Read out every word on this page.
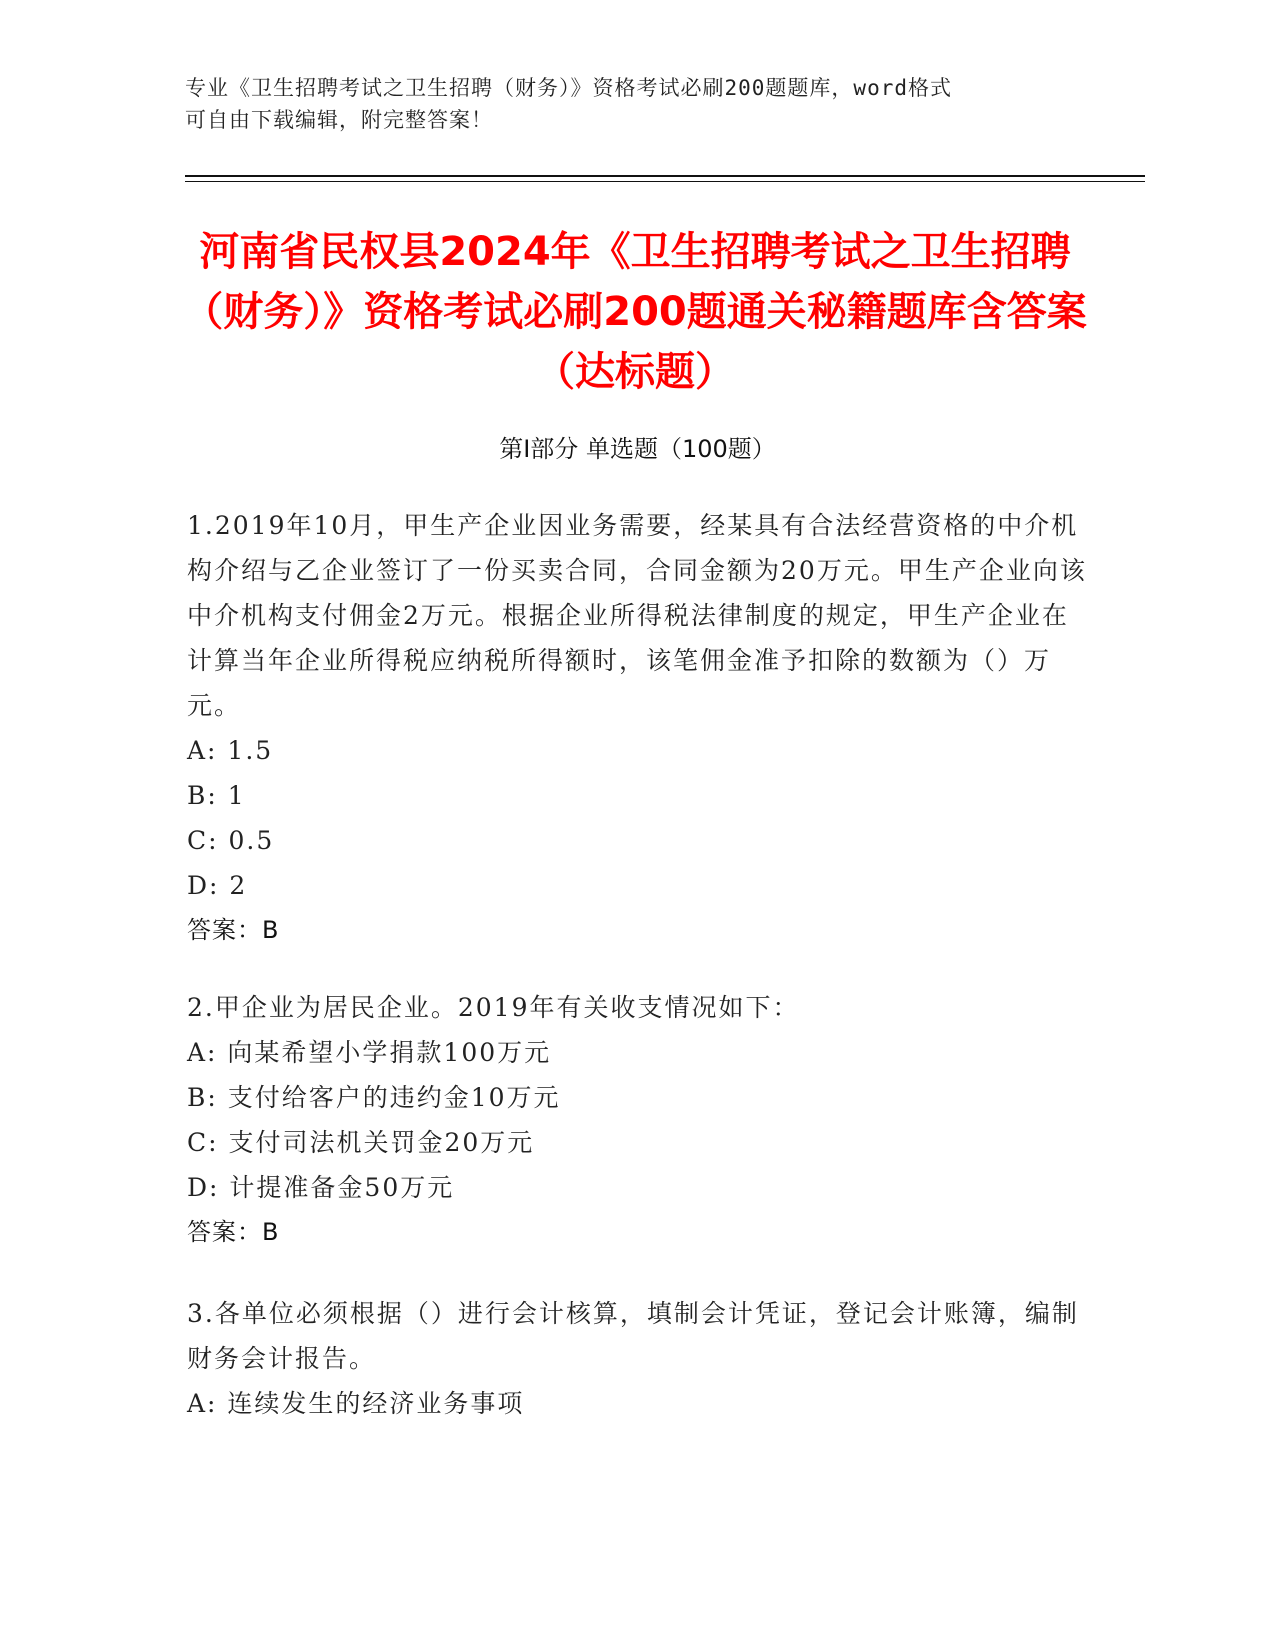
专业《卫生招聘考试之卫生招聘（财务）》资格考试必刷200题题库，word格式
可自由下载编辑，附完整答案！
河南省民权县2024年《卫生招聘考试之卫生招聘（财务）》资格考试必刷200题通关秘籍题库含答案（达标题）
第I部分 单选题（100题）

1.2019年10月，甲生产企业因业务需要，经某具有合法经营资格的中介机构介绍与乙企业签订了一份买卖合同，合同金额为20万元。甲生产企业向该中介机构支付佣金2万元。根据企业所得税法律制度的规定，甲生产企业在计算当年企业所得税应纳税所得额时，该笔佣金准予扣除的数额为（）万元。

A: 1.5

B: 1

C: 0.5

D: 2

答案：B

2.甲企业为居民企业。2019年有关收支情况如下：

A: 向某希望小学捐款100万元

B: 支付给客户的违约金10万元

C: 支付司法机关罚金20万元

D: 计提准备金50万元

答案：B

3.各单位必须根据（）进行会计核算，填制会计凭证，登记会计账簿，编制财务会计报告。

A: 连续发生的经济业务事项
